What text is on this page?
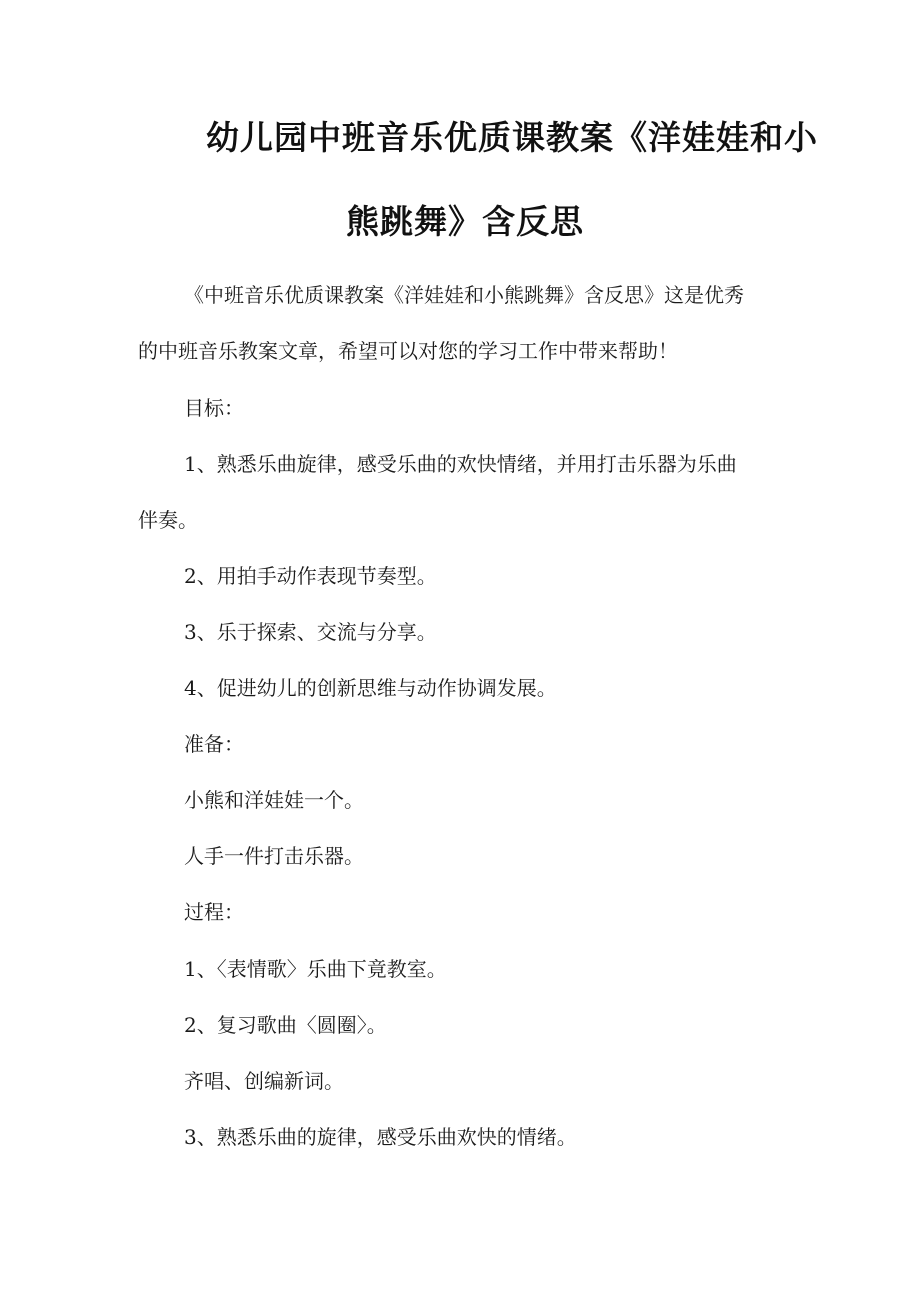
幼儿园中班音乐优质课教案《洋娃娃和小
熊跳舞》含反思
《中班音乐优质课教案《洋娃娃和小熊跳舞》含反思》这是优秀
的中班音乐教案文章，希望可以对您的学习工作中带来帮助！
目标：
1、熟悉乐曲旋律，感受乐曲的欢快情绪，并用打击乐器为乐曲
伴奏。
2、用拍手动作表现节奏型。
3、乐于探索、交流与分享。
4、促进幼儿的创新思维与动作协调发展。
准备：
小熊和洋娃娃一个。
人手一件打击乐器。
过程：
1、〈表情歌〉乐曲下竟教室。
2、复习歌曲〈圆圈〉。
齐唱、创编新词。
3、熟悉乐曲的旋律，感受乐曲欢快的情绪。
